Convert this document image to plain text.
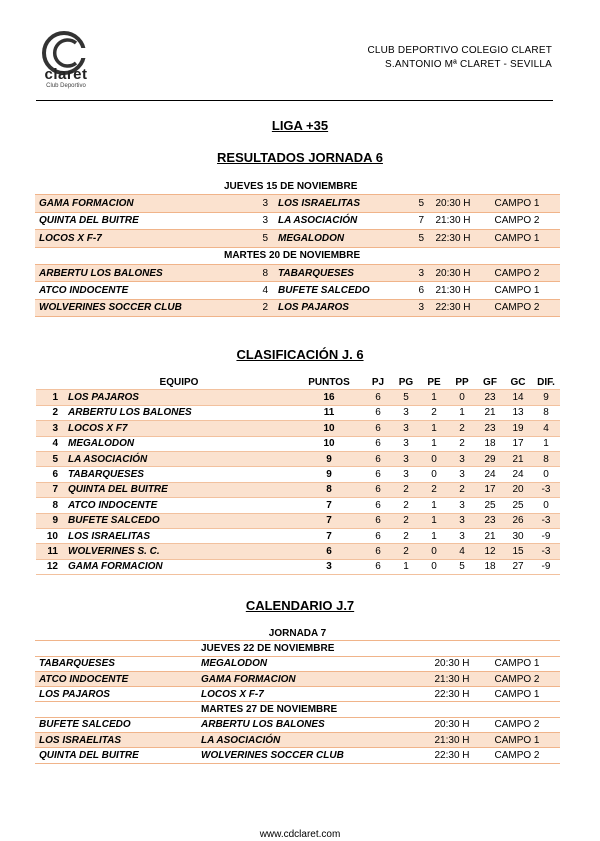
claret
Club Deportivo
CLUB DEPORTIVO COLEGIO CLARET
S.ANTONIO Mª CLARET - SEVILLA
LIGA +35
RESULTADOS JORNADA 6
	JUEVES 15 DE NOVIEMBRE					
GAMA FORMACION	3	LOS ISRAELITAS	5	20:30 H	CAMPO 1	
QUINTA DEL BUITRE	3	LA ASOCIACIÓN	7	21:30 H	CAMPO 2	
LOCOS X F-7	5	MEGALODON	5	22:30 H	CAMPO 1	
	MARTES 20 DE NOVIEMBRE					
ARBERTU LOS BALONES	8	TABARQUESES	3	20:30 H	CAMPO 2	
ATCO INDOCENTE	4	BUFETE SALCEDO	6	21:30 H	CAMPO 1	
WOLVERINES SOCCER CLUB	2	LOS PAJAROS	3	22:30 H	CAMPO 2	
CLASIFICACIÓN J. 6
	EQUIPO	PUNTOS	PJ	PG	PE	PP	GF	GC	DIF.
1	LOS PAJAROS	16	6	5	1	0	23	14	9
2	ARBERTU LOS BALONES	11	6	3	2	1	21	13	8
3	LOCOS X F7	10	6	3	1	2	23	19	4
4	MEGALODON	10	6	3	1	2	18	17	1
5	LA ASOCIACIÓN	9	6	3	0	3	29	21	8
6	TABARQUESES	9	6	3	0	3	24	24	0
7	QUINTA DEL BUITRE	8	6	2	2	2	17	20	-3
8	ATCO INDOCENTE	7	6	2	1	3	25	25	0
9	BUFETE SALCEDO	7	6	2	1	3	23	26	-3
10	LOS ISRAELITAS	7	6	2	1	3	21	30	-9
11	WOLVERINES S. C.	6	6	2	0	4	12	15	-3
12	GAMA FORMACION	3	6	1	0	5	18	27	-9
CALENDARIO J.7
JORNADA 7				
	JUEVES 22 DE NOVIEMBRE			
TABARQUESES	MEGALODON	20:30 H	CAMPO 1	
ATCO INDOCENTE	GAMA FORMACION	21:30 H	CAMPO 2	
LOS PAJAROS	LOCOS X F-7	22:30 H	CAMPO 1	
	MARTES 27 DE NOVIEMBRE			
BUFETE SALCEDO	ARBERTU LOS BALONES	20:30 H	CAMPO 2	
LOS ISRAELITAS	LA ASOCIACIÓN	21:30 H	CAMPO 1	
QUINTA DEL BUITRE	WOLVERINES SOCCER CLUB	22:30 H	CAMPO 2	
www.cdclaret.com
